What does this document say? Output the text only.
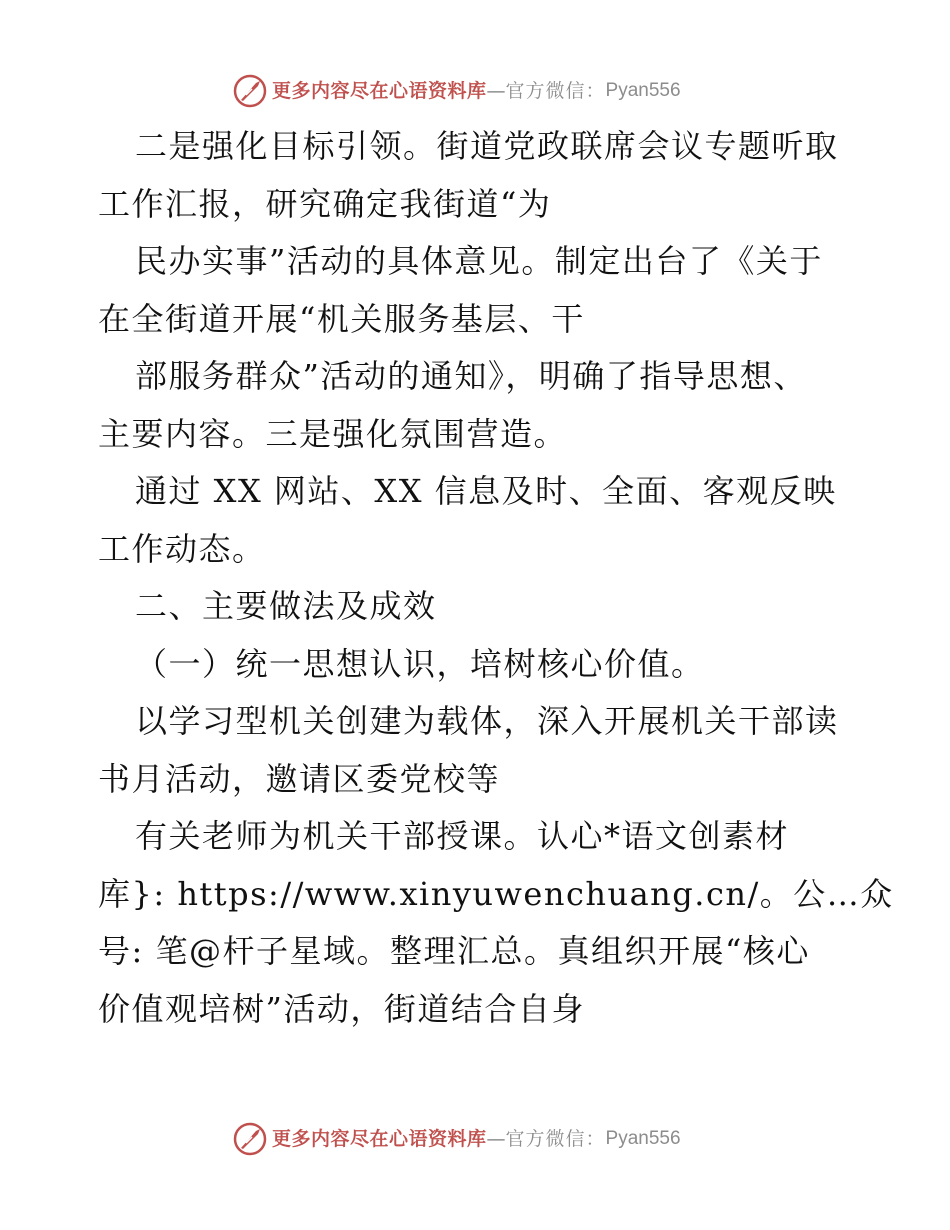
更多内容尽在心语资料库 — 官方微信： Pyan556
二是强化目标引领。街道党政联席会议专题听取
工作汇报，研究确定我街道“为
民办实事”活动的具体意见。制定出台了《关于
在全街道开展“机关服务基层、干
部服务群众”活动的通知》，明确了指导思想、
主要内容。三是强化氛围营造。
通过 XX 网站、XX 信息及时、全面、客观反映
工作动态。
二、主要做法及成效
（一）统一思想认识，培树核心价值。
以学习型机关创建为载体，深入开展机关干部读
书月活动，邀请区委党校等
有关老师为机关干部授课。认心*语文创素材
库}: https://www.xinyuwenchuang.cn/。公…众
号: 笔@杆子星域。整理汇总。真组织开展“核心
价值观培树”活动，街道结合自身
更多内容尽在心语资料库 — 官方微信： Pyan556
